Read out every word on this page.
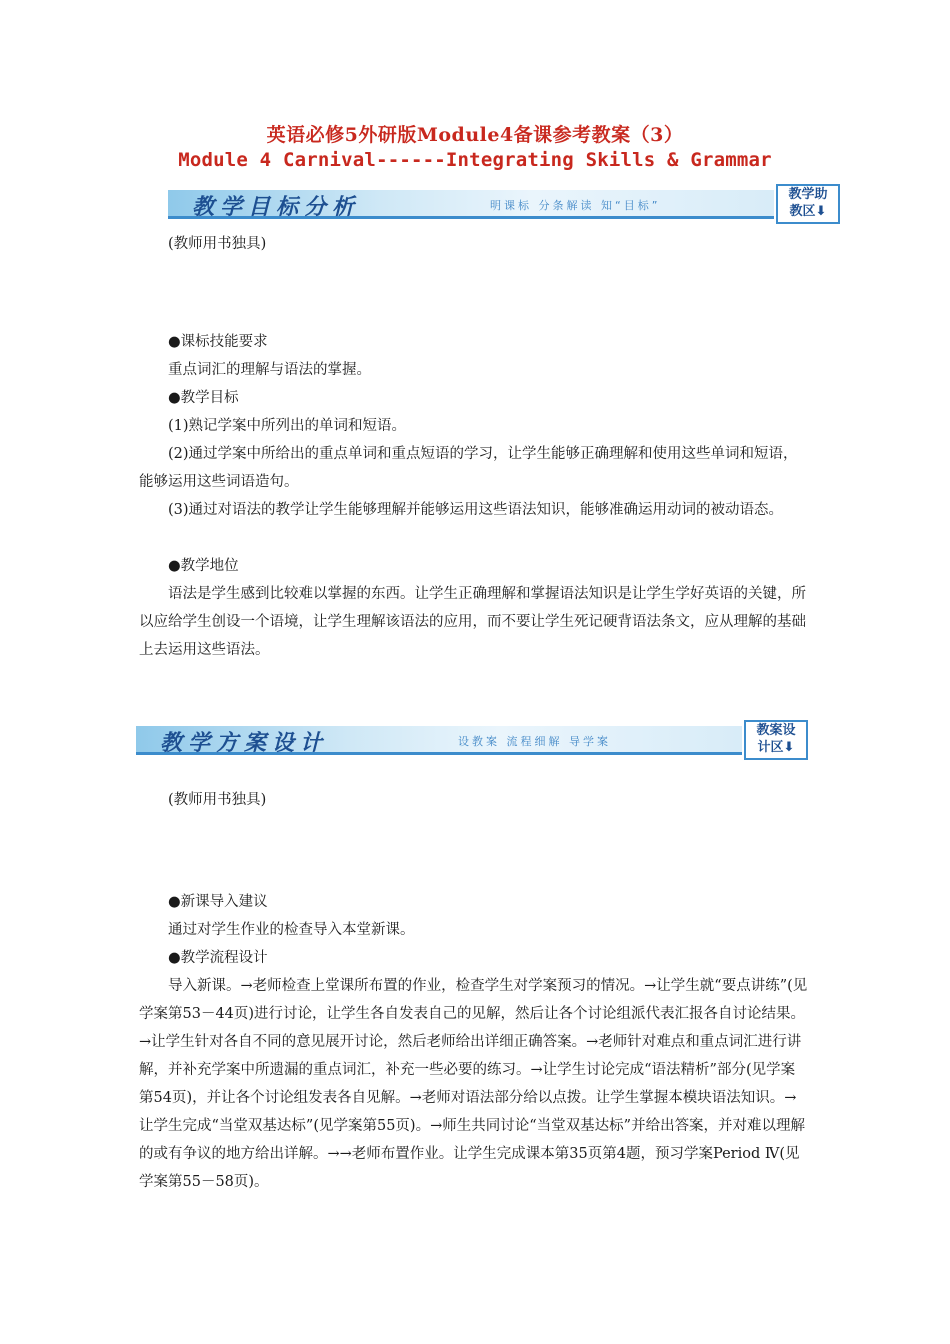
英语必修5外研版Module4备课参考教案（3）
Module 4 Carnival------Integrating Skills & Grammar
教学目标分析	明课标 分条解读 知“目标”
教学助
教区⬇
(教师用书独具)
●课标技能要求
重点词汇的理解与语法的掌握。
●教学目标
(1)熟记学案中所列出的单词和短语。

(2)通过学案中所给出的重点单词和重点短语的学习，让学生能够正确理解和使用这些单词和短语，能够运用这些词语造句。

(3)通过对语法的教学让学生能够理解并能够运用这些语法知识，能够准确运用动词的被动语态。

●教学地位

语法是学生感到比较难以掌握的东西。让学生正确理解和掌握语法知识是让学生学好英语的关键，所以应给学生创设一个语境，让学生理解该语法的应用，而不要让学生死记硬背语法条文，应从理解的基础上去运用这些语法。

教学方案设计	设教案 流程细解 导学案
教案设
计区⬇
(教师用书独具)
●新课导入建议
通过对学生作业的检查导入本堂新课。
●教学流程设计

导入新课。→老师检查上堂课所布置的作业，检查学生对学案预习的情况。→让学生就“要点讲练”(见学案第53－44页)进行讨论，让学生各自发表自己的见解，然后让各个讨论组派代表汇报各自讨论结果。→让学生针对各自不同的意见展开讨论，然后老师给出详细正确答案。→老师针对难点和重点词汇进行讲解，并补充学案中所遗漏的重点词汇，补充一些必要的练习。→让学生讨论完成“语法精析”部分(见学案第54页)，并让各个讨论组发表各自见解。→老师对语法部分给以点拨。让学生掌握本模块语法知识。→让学生完成“当堂双基达标”(见学案第55页)。→师生共同讨论“当堂双基达标”并给出答案，并对难以理解的或有争议的地方给出详解。→→老师布置作业。让学生完成课本第35页第4题，预习学案Period Ⅳ(见学案第55－58页)。
